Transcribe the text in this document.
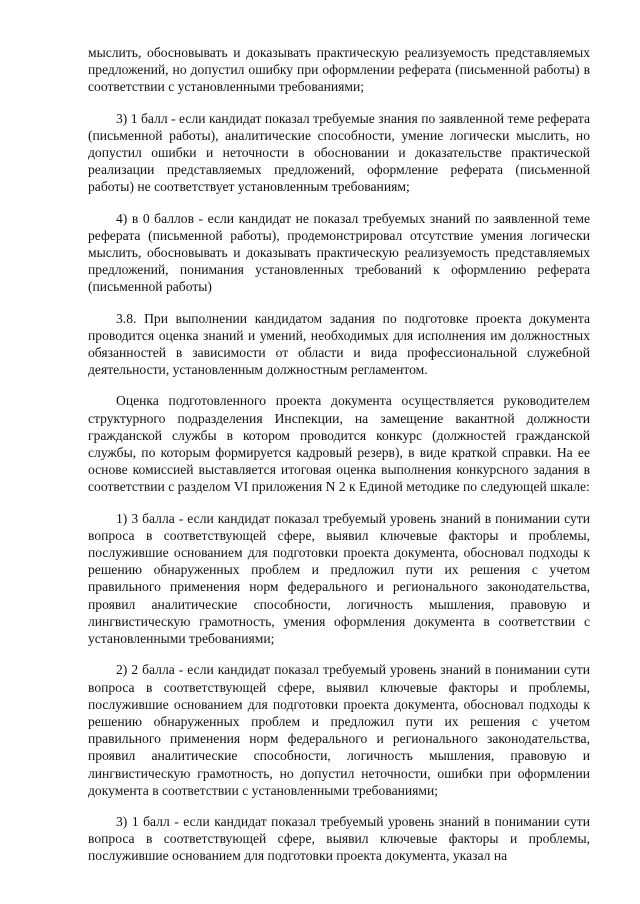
мыслить, обосновывать и доказывать практическую реализуемость представляемых предложений, но допустил ошибку при оформлении реферата (письменной работы) в соответствии с установленными требованиями;

3) 1 балл - если кандидат показал требуемые знания по заявленной теме реферата (письменной работы), аналитические способности, умение логически мыслить, но допустил ошибки и неточности в обосновании и доказательстве практической реализации представляемых предложений, оформление реферата (письменной работы) не соответствует установленным требованиям;

4) в 0 баллов - если кандидат не показал требуемых знаний по заявленной теме реферата (письменной работы), продемонстрировал отсутствие умения логически мыслить, обосновывать и доказывать практическую реализуемость представляемых предложений, понимания установленных требований к оформлению реферата (письменной работы)

3.8. При выполнении кандидатом задания по подготовке проекта документа проводится оценка знаний и умений, необходимых для исполнения им должностных обязанностей в зависимости от области и вида профессиональной служебной деятельности, установленным должностным регламентом.

Оценка подготовленного проекта документа осуществляется руководителем структурного подразделения Инспекции, на замещение вакантной должности гражданской службы в котором проводится конкурс (должностей гражданской службы, по которым формируется кадровый резерв), в виде краткой справки. На ее основе комиссией выставляется итоговая оценка выполнения конкурсного задания в соответствии с разделом VI приложения N 2 к Единой методике по следующей шкале:

1) 3 балла - если кандидат показал требуемый уровень знаний в понимании сути вопроса в соответствующей сфере, выявил ключевые факторы и проблемы, послужившие основанием для подготовки проекта документа, обосновал подходы к решению обнаруженных проблем и предложил пути их решения с учетом правильного применения норм федерального и регионального законодательства, проявил аналитические способности, логичность мышления, правовую и лингвистическую грамотность, умения оформления документа в соответствии с установленными требованиями;

2) 2 балла - если кандидат показал требуемый уровень знаний в понимании сути вопроса в соответствующей сфере, выявил ключевые факторы и проблемы, послужившие основанием для подготовки проекта документа, обосновал подходы к решению обнаруженных проблем и предложил пути их решения с учетом правильного применения норм федерального и регионального законодательства, проявил аналитические способности, логичность мышления, правовую и лингвистическую грамотность, но допустил неточности, ошибки при оформлении документа в соответствии с установленными требованиями;

3) 1 балл - если кандидат показал требуемый уровень знаний в понимании сути вопроса в соответствующей сфере, выявил ключевые факторы и проблемы, послужившие основанием для подготовки проекта документа, указал на
